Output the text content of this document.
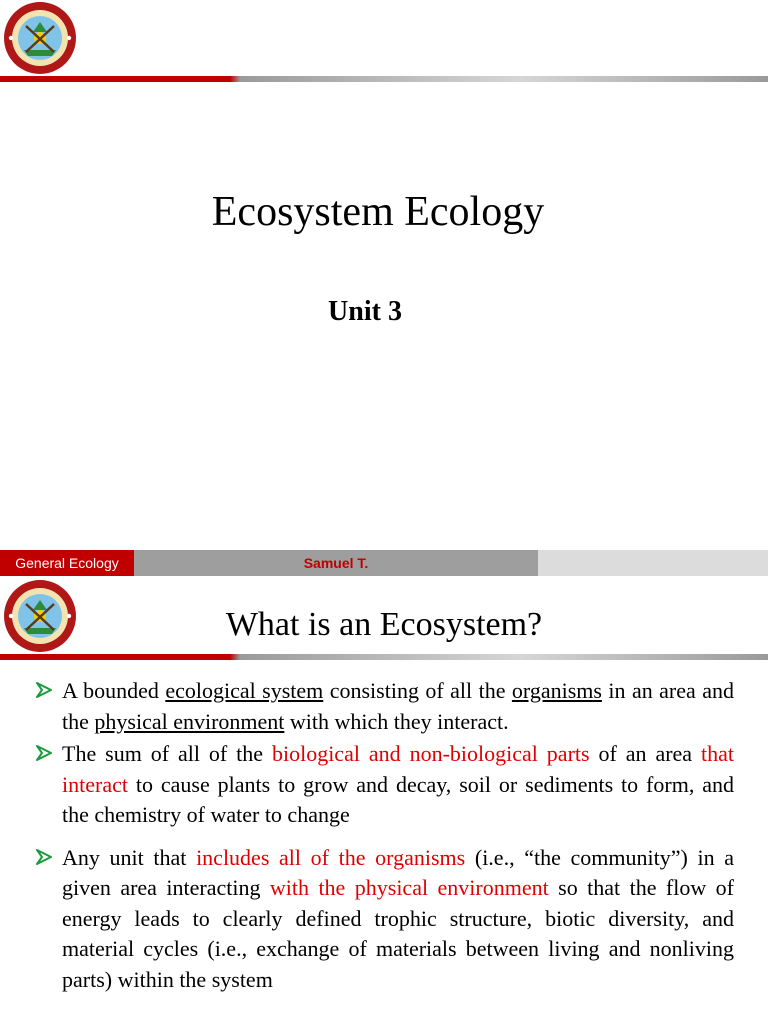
Ecosystem Ecology
Unit 3
General Ecology	Samuel T.
What is an Ecosystem?
A bounded ecological system consisting of all the organisms in an area and the physical environment with which they interact.
The sum of all of the biological and non-biological parts of an area that interact to cause plants to grow and decay, soil or sediments to form, and the chemistry of water to change
Any unit that includes all of the organisms (i.e., “the community”) in a given area interacting with the physical environment so that the flow of energy leads to clearly defined trophic structure, biotic diversity, and material cycles (i.e., exchange of materials between living and nonliving parts) within the system
